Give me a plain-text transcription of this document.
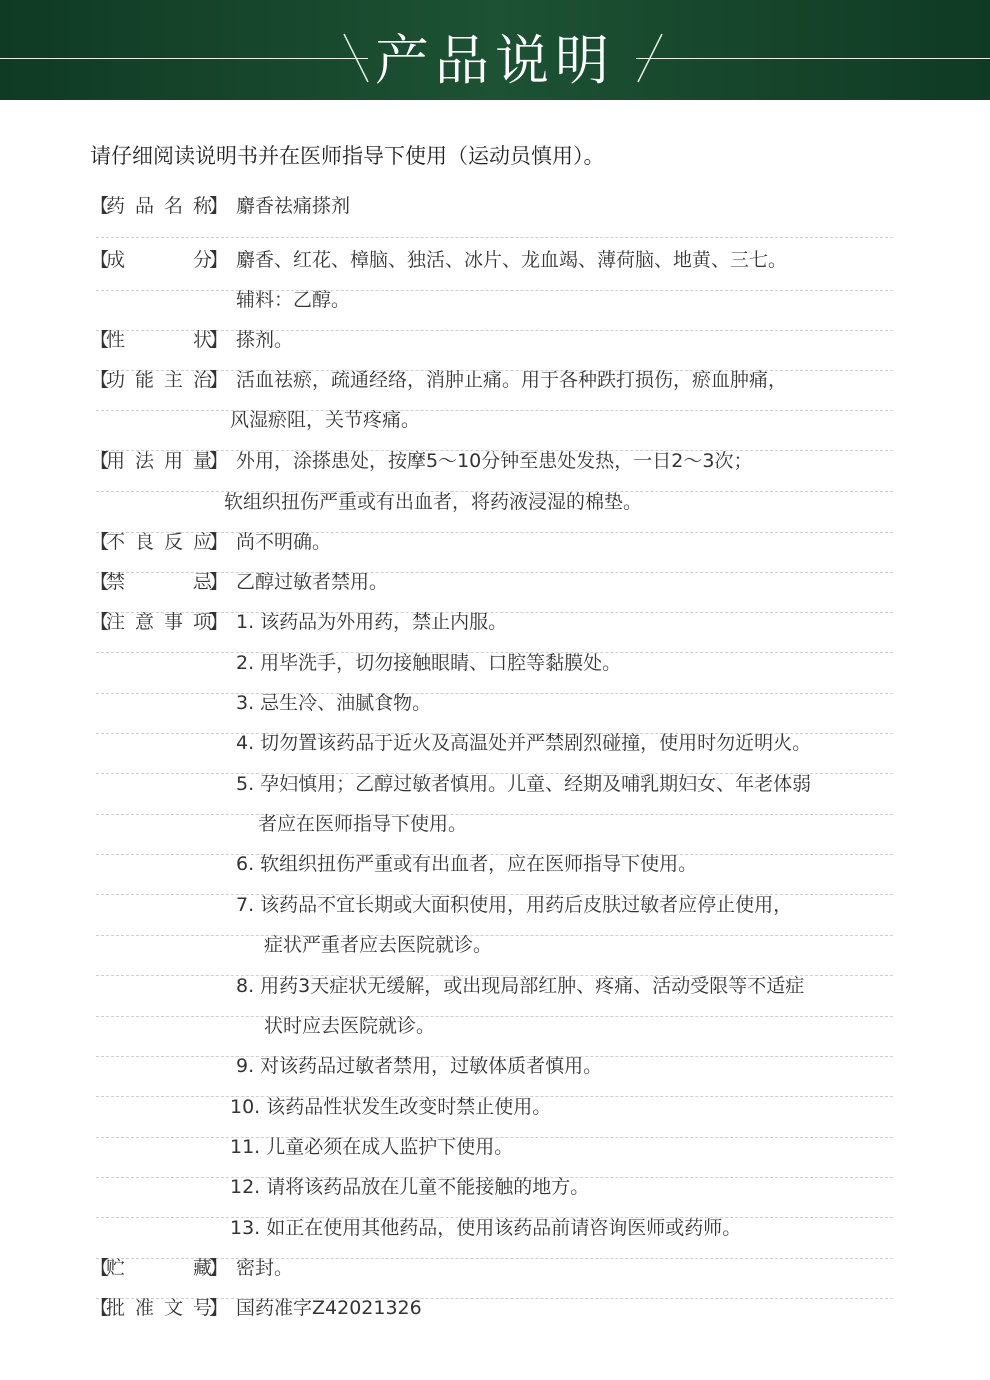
产品说明
请仔细阅读说明书并在医师指导下使用（运动员慎用）。
【
药品名称
】 麝香祛痛搽剂
【
成分
】 麝香、红花、樟脑、独活、冰片、龙血竭、薄荷脑、地黄、三七。
辅料：乙醇。
【
性状
】 搽剂。
【
功能主治
】 活血祛瘀，疏通经络，消肿止痛。用于各种跌打损伤，瘀血肿痛，
风湿瘀阻，关节疼痛。
【
用法用量
】 外用，涂搽患处，按摩5～10分钟至患处发热，一日2～3次；
软组织扭伤严重或有出血者，将药液浸湿的棉垫。
【
不良反应
】 尚不明确。
【
禁忌
】 乙醇过敏者禁用。
【
注意事项
】 1. 该药品为外用药，禁止内服。
2. 用毕洗手，切勿接触眼睛、口腔等黏膜处。
3. 忌生冷、油腻食物。
4. 切勿置该药品于近火及高温处并严禁剧烈碰撞，使用时勿近明火。
5. 孕妇慎用；乙醇过敏者慎用。儿童、经期及哺乳期妇女、年老体弱
者应在医师指导下使用。
6. 软组织扭伤严重或有出血者，应在医师指导下使用。
7. 该药品不宜长期或大面积使用，用药后皮肤过敏者应停止使用，
症状严重者应去医院就诊。
8. 用药3天症状无缓解，或出现局部红肿、疼痛、活动受限等不适症
状时应去医院就诊。
9. 对该药品过敏者禁用，过敏体质者慎用。
10. 该药品性状发生改变时禁止使用。
11. 儿童必须在成人监护下使用。
12. 请将该药品放在儿童不能接触的地方。
13. 如正在使用其他药品，使用该药品前请咨询医师或药师。
【
贮藏
】 密封。
【
批准文号
】 国药准字Z42021326
